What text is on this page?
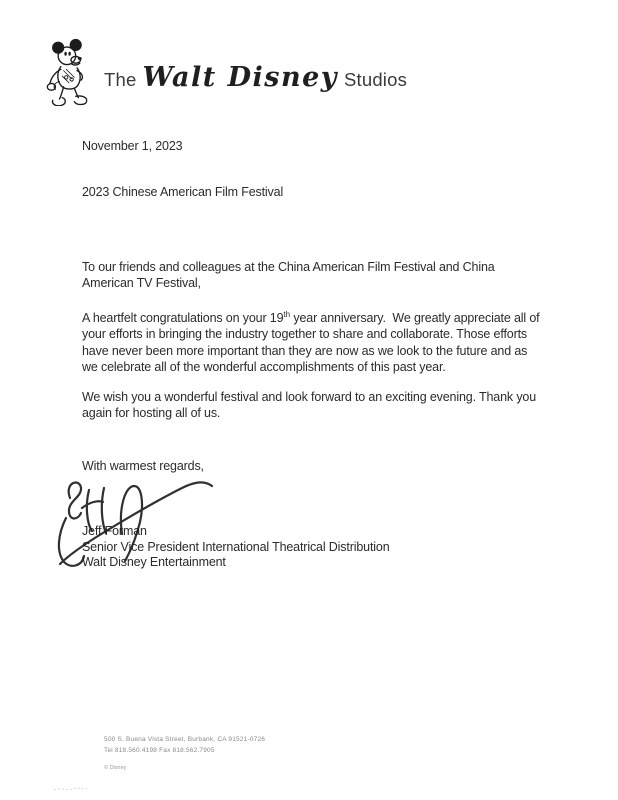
The Walt Disney Studios
November 1, 2023
2023 Chinese American Film Festival

To our friends and colleagues at the China American Film Festival and China American TV Festival,

A heartfelt congratulations on your 19th year anniversary.  We greatly appreciate all of your efforts in bringing the industry together to share and collaborate. Those efforts have never been more important than they are now as we look to the future and as we celebrate all of the wonderful accomplishments of this past year.

We wish you a wonderful festival and look forward to an exciting evening. Thank you again for hosting all of us.

With warmest regards,
Jeff Forman
Senior Vice President International Theatrical Distribution
Walt Disney Entertainment
500 S. Buena Vista Street, Burbank, CA 91521-0726
Tel 818.560.4198 Fax 818.562.7905
© Disney
